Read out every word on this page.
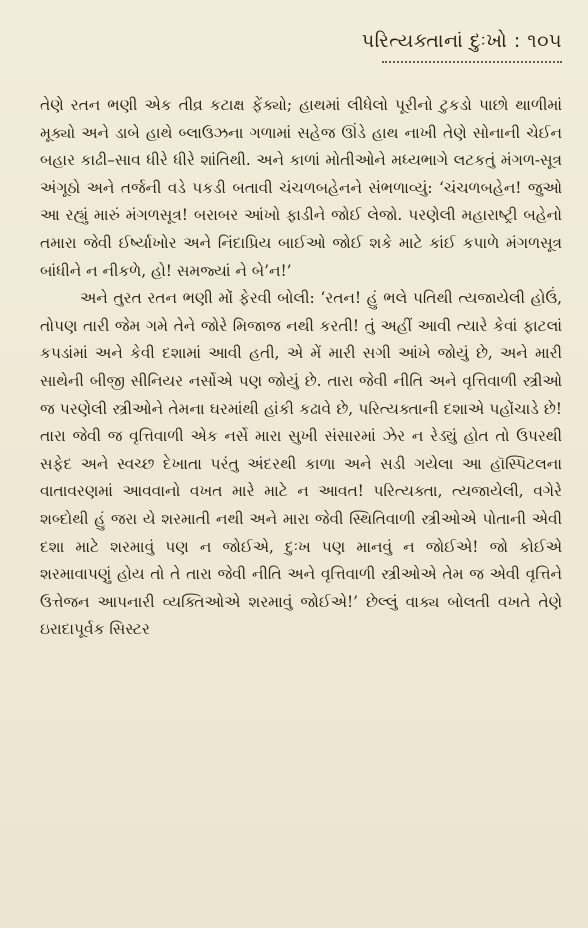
પરિત્યક્તાનાં દુઃખો : ૧૦૫

તેણે રતન ભણી એક તીવ્ર કટાક્ષ ફેંક્યો; હાથમાં લીધેલો પૂરીનો ટુકડો પાછો થાળીમાં મૂક્યો અને ડાબે હાથે બ્લાઉઝના ગળામાં સહેજ ઊંડે હાથ નાખી તેણે સોનાની ચેઈન બહાર કાઢી–સાવ ધીરે ધીરે શાંતિથી. અને કાળાં મોતીઓને મધ્યભાગે લટકતું મંગળ-સૂત્ર અંગૂઠો અને તર્જની વડે પકડી બતાવી ચંચળબહેનને સંભળાવ્યું: ‘ચંચળબહેન! જુઓ આ રહ્યું મારું મંગળસૂત્ર! બરાબર આંખો ફાડીને જોઈ લેજો. પરણેલી મહારાષ્ટ્રી બહેનો તમારા જેવી ઈર્ષ્યાખોર અને નિંદાપ્રિય બાઈઓ જોઈ શકે માટે કાંઈ કપાળે મંગળસૂત્ર બાંધીને ન નીકળે, હો! સમજ્યાં ને બે’ન!’

અને તુરત રતન ભણી મોં ફેરવી બોલી: ‘રતન! હું ભલે પતિથી ત્યજાયેલી હોઉં, તોપણ તારી જેમ ગમે તેને જોરે મિજાજ નથી કરતી! તું અહીં આવી ત્યારે કેવાં ફાટલાં કપડાંમાં અને કેવી દશામાં આવી હતી, એ મેં મારી સગી આંખે જોયું છે, અને મારી સાથેની બીજી સીનિયર નર્સોએ પણ જોયું છે. તારા જેવી નીતિ અને વૃત્તિવાળી સ્ત્રીઓ જ પરણેલી સ્ત્રીઓને તેમના ઘરમાંથી હાંકી કઢાવે છે, પરિત્યક્તાની દશાએ પહોંચાડે છે! તારા જેવી જ વૃત્તિવાળી એક નર્સે મારા સુખી સંસારમાં ઝેર ન રેડ્યું હોત તો ઉપરથી સફેદ અને સ્વચ્છ દેખાતા પરંતુ અંદરથી કાળા અને સડી ગયેલા આ હૉસ્પિટલના વાતાવરણમાં આવવાનો વખત મારે માટે ન આવત! પરિત્યક્તા, ત્યજાયેલી, વગેરે શબ્દોથી હું જરા યે શરમાતી નથી અને મારા જેવી સ્થિતિવાળી સ્ત્રીઓએ પોતાની એવી દશા માટે શરમાવું પણ ન જોઈએ, દુઃખ પણ માનવું ન જોઈએ! જો કોઈએ શરમાવાપણું હોય તો તે તારા જેવી નીતિ અને વૃત્તિવાળી સ્ત્રીઓએ તેમ જ એવી વૃત્તિને ઉત્તેજન આપનારી વ્યક્તિઓએ શરમાવું જોઈએ!’ છેલ્લું વાક્ય બોલતી વખતે તેણે ઇરાદાપૂર્વક સિસ્ટર
